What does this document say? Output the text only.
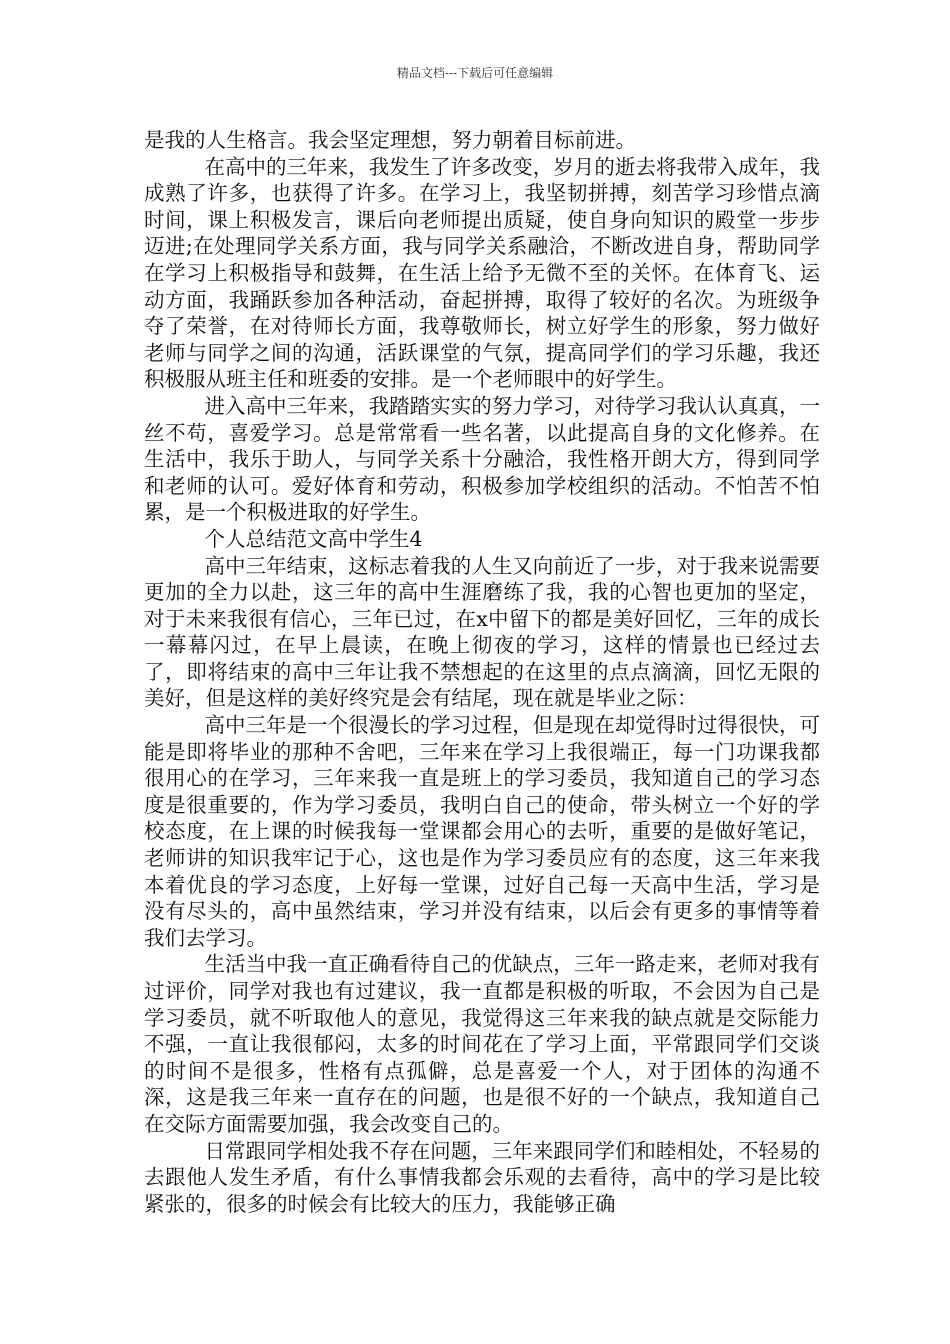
精品文档---下载后可任意编辑

是我的人生格言。我会坚定理想，努力朝着目标前进。

在高中的三年来，我发生了许多改变，岁月的逝去将我带入成年，我成熟了许多，也获得了许多。在学习上，我坚韧拼搏，刻苦学习珍惜点滴时间，课上积极发言，课后向老师提出质疑，使自身向知识的殿堂一步步迈进;在处理同学关系方面，我与同学关系融洽，不断改进自身，帮助同学在学习上积极指导和鼓舞，在生活上给予无微不至的关怀。在体育飞、运动方面，我踊跃参加各种活动，奋起拼搏，取得了较好的名次。为班级争夺了荣誉，在对待师长方面，我尊敬师长，树立好学生的形象，努力做好老师与同学之间的沟通，活跃课堂的气氛，提高同学们的学习乐趣，我还积极服从班主任和班委的安排。是一个老师眼中的好学生。

进入高中三年来，我踏踏实实的努力学习，对待学习我认认真真，一丝不苟，喜爱学习。总是常常看一些名著，以此提高自身的文化修养。在生活中，我乐于助人，与同学关系十分融洽，我性格开朗大方，得到同学和老师的认可。爱好体育和劳动，积极参加学校组织的活动。不怕苦不怕累，是一个积极进取的好学生。

个人总结范文高中学生4

高中三年结束，这标志着我的人生又向前近了一步，对于我来说需要更加的全力以赴，这三年的高中生涯磨练了我，我的心智也更加的坚定，对于未来我很有信心，三年已过，在x中留下的都是美好回忆，三年的成长一幕幕闪过，在早上晨读，在晚上彻夜的学习，这样的情景也已经过去了，即将结束的高中三年让我不禁想起的在这里的点点滴滴，回忆无限的美好，但是这样的美好终究是会有结尾，现在就是毕业之际：

高中三年是一个很漫长的学习过程，但是现在却觉得时过得很快，可能是即将毕业的那种不舍吧，三年来在学习上我很端正，每一门功课我都很用心的在学习，三年来我一直是班上的学习委员，我知道自己的学习态度是很重要的，作为学习委员，我明白自己的使命，带头树立一个好的学校态度，在上课的时候我每一堂课都会用心的去听，重要的是做好笔记，老师讲的知识我牢记于心，这也是作为学习委员应有的态度，这三年来我本着优良的学习态度，上好每一堂课，过好自己每一天高中生活，学习是没有尽头的，高中虽然结束，学习并没有结束，以后会有更多的事情等着我们去学习。

生活当中我一直正确看待自己的优缺点，三年一路走来，老师对我有过评价，同学对我也有过建议，我一直都是积极的听取，不会因为自己是学习委员，就不听取他人的意见，我觉得这三年来我的缺点就是交际能力不强，一直让我很郁闷，太多的时间花在了学习上面，平常跟同学们交谈的时间不是很多，性格有点孤僻，总是喜爱一个人，对于团体的沟通不深，这是我三年来一直存在的问题，也是很不好的一个缺点，我知道自己在交际方面需要加强，我会改变自己的。

日常跟同学相处我不存在问题，三年来跟同学们和睦相处，不轻易的去跟他人发生矛盾，有什么事情我都会乐观的去看待，高中的学习是比较紧张的，很多的时候会有比较大的压力，我能够正确
